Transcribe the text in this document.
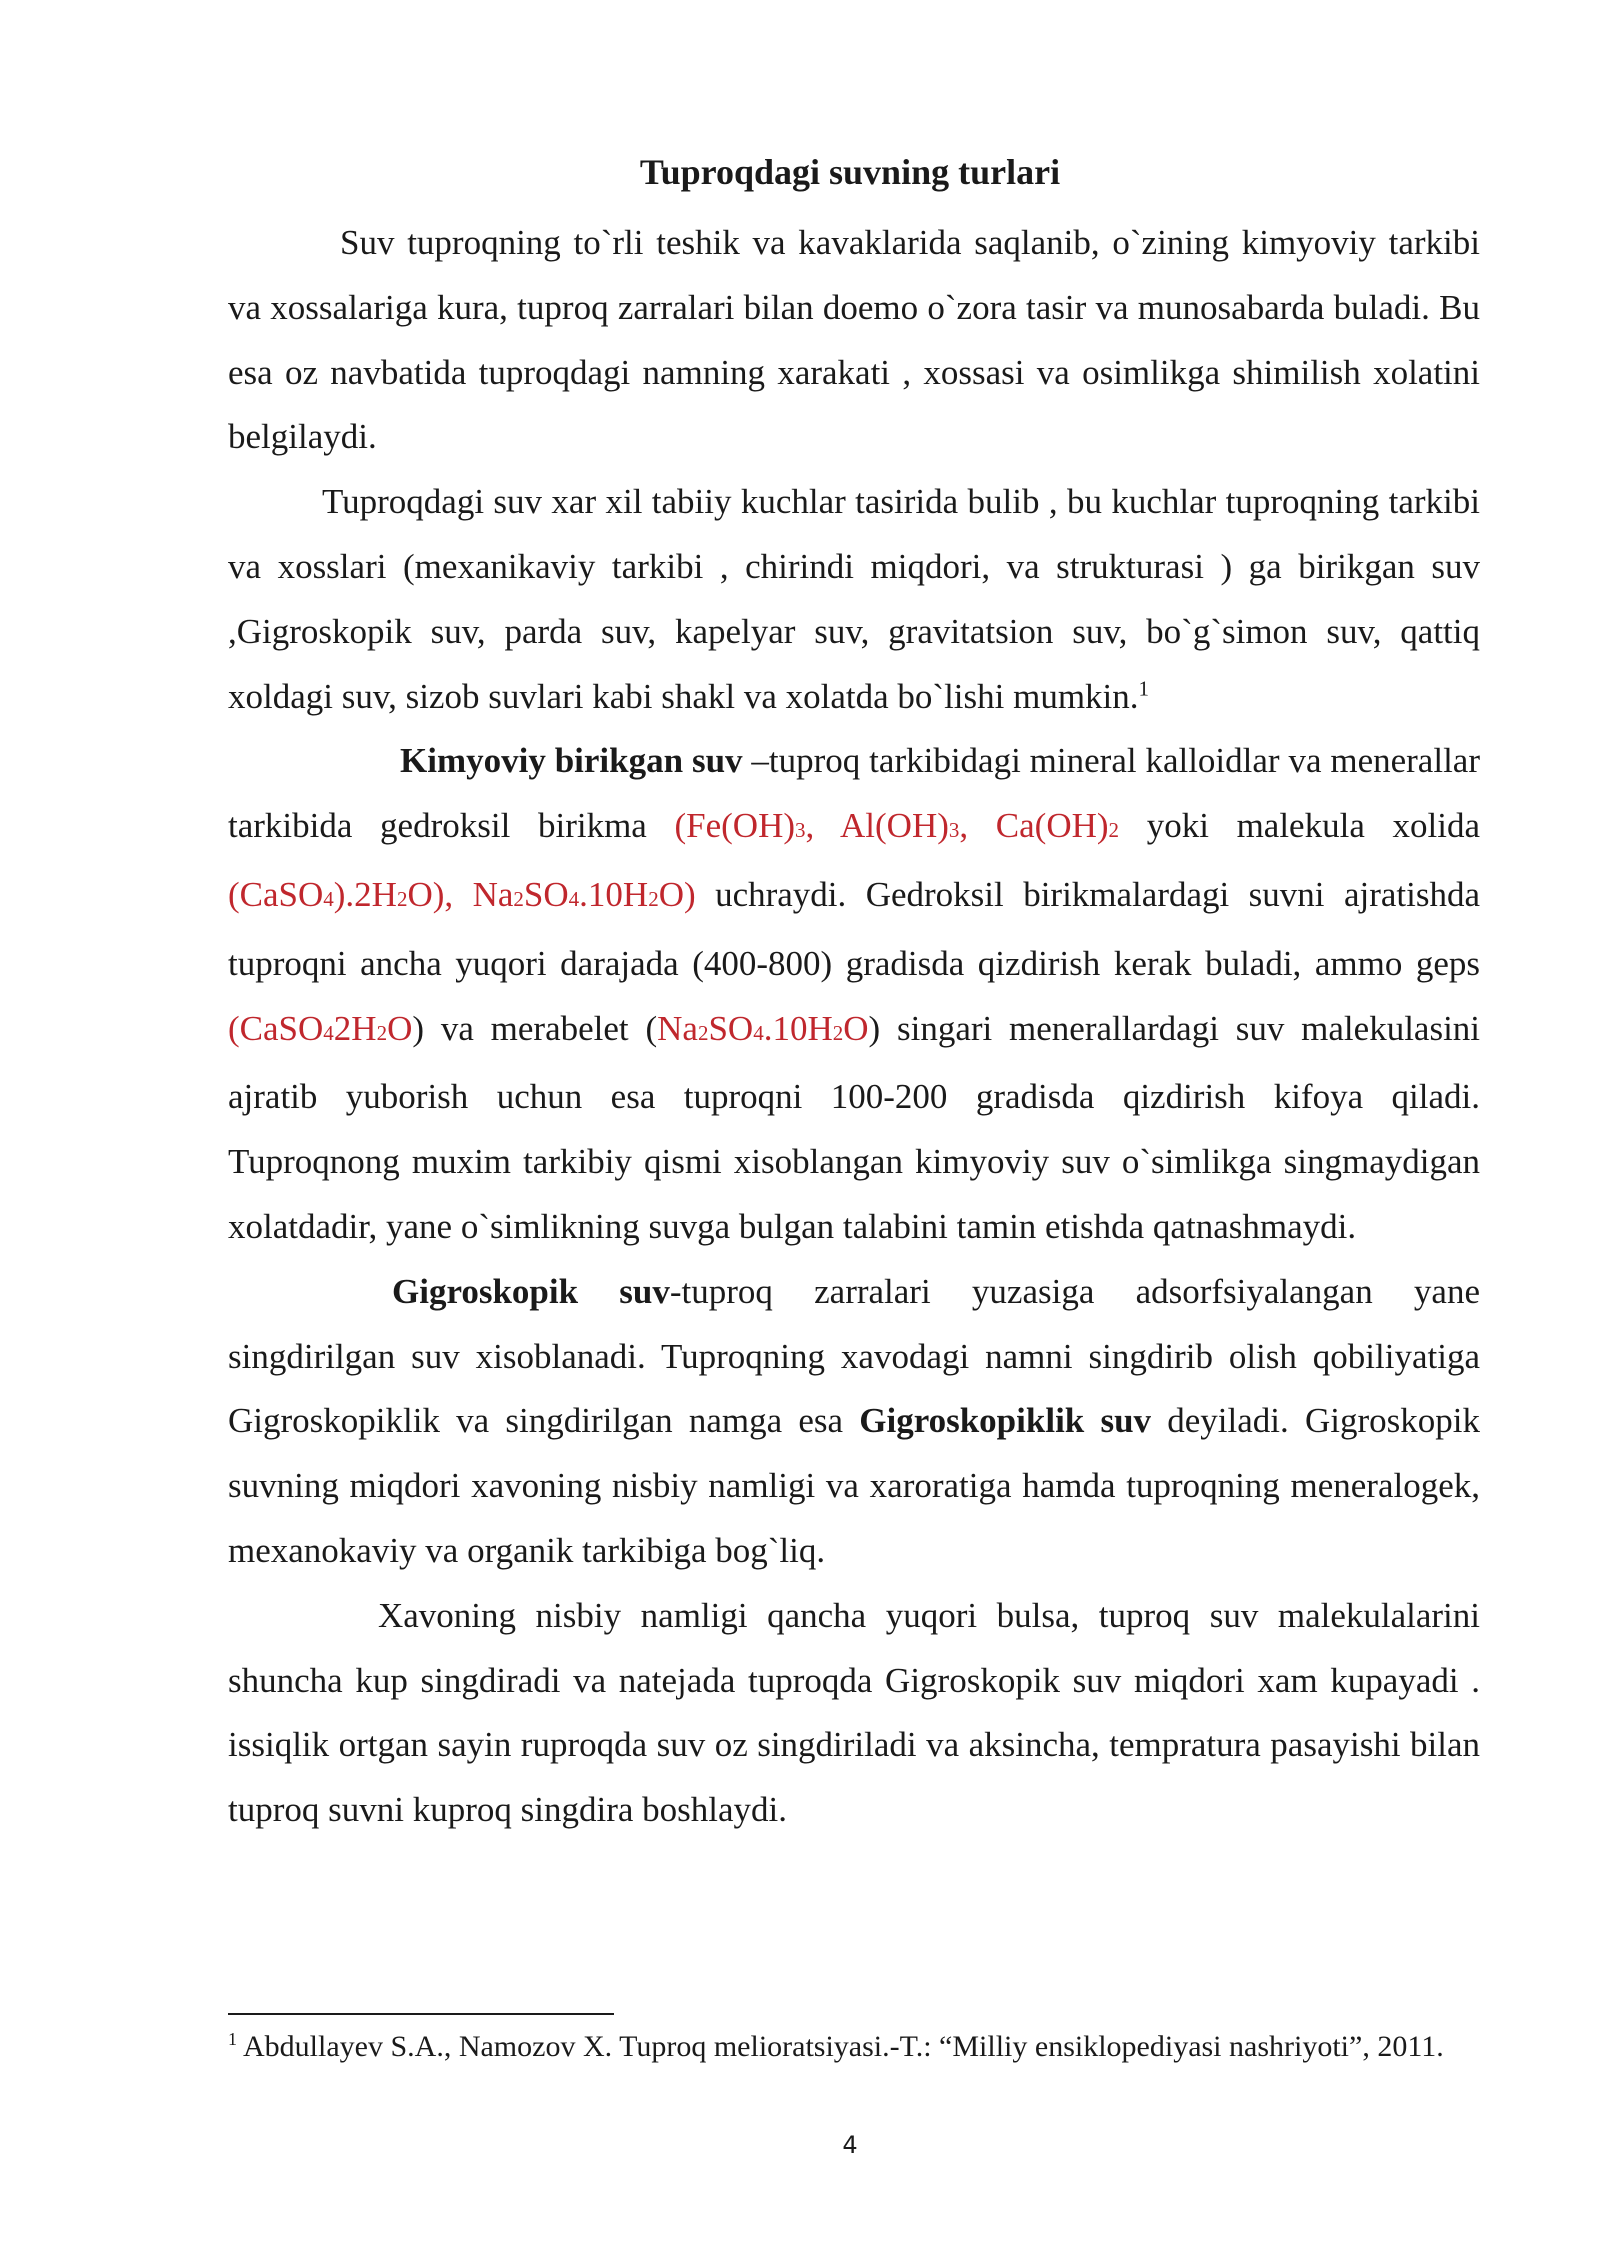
Tuproqdagi suvning turlari

Suv tuproqning to`rli teshik va kavaklarida saqlanib, o`zining kimyoviy tarkibi va xossalariga kura, tuproq zarralari bilan doemo o`zora tasir va munosabarda buladi. Bu esa oz navbatida tuproqdagi namning xarakati , xossasi va osimlikga shimilish xolatini belgilaydi.

Tuproqdagi suv xar xil tabiiy kuchlar tasirida bulib , bu kuchlar tuproqning tarkibi va xosslari (mexanikaviy tarkibi , chirindi miqdori, va strukturasi ) ga birikgan suv ,Gigroskopik suv, parda suv, kapelyar suv, gravitatsion suv, bo`g`simon suv, qattiq xoldagi suv, sizob suvlari kabi shakl va xolatda bo`lishi mumkin.$^1$

Kimyoviy birikgan suv –tuproq tarkibidagi mineral kalloidlar va menerallar tarkibida gedroksil birikma (Fe(OH)3, Al(OH)3, Ca(OH)2 yoki malekula xolida (CaSO4).2H2O), Na2SO4.10H2O) uchraydi. Gedroksil birikmalardagi suvni ajratishda tuproqni ancha yuqori darajada (400-800) gradisda qizdirish kerak buladi, ammo geps (CaSO42H2O) va merabelet (Na2SO4.10H2O) singari menerallardagi suv malekulasini ajratib yuborish uchun esa tuproqni 100-200 gradisda qizdirish kifoya qiladi. Tuproqnong muxim tarkibiy qismi xisoblangan kimyoviy suv o`simlikga singmaydigan xolatdadir, yane o`simlikning suvga bulgan talabini tamin etishda qatnashmaydi.

Gigroskopik suv-tuproq zarralari yuzasiga adsorfsiyalangan yane singdirilgan suv xisoblanadi. Tuproqning xavodagi namni singdirib olish qobiliyatiga Gigroskopiklik va singdirilgan namga esa Gigroskopiklik suv deyiladi. Gigroskopik suvning miqdori xavoning nisbiy namligi va xaroratiga hamda tuproqning meneralogek, mexanokaviy va organik tarkibiga bog`liq.

Xavoning nisbiy namligi qancha yuqori bulsa, tuproq suv malekulalarini shuncha kup singdiradi va natejada tuproqda Gigroskopik suv miqdori xam kupayadi . issiqlik ortgan sayin ruproqda suv oz singdiriladi va aksincha, tempratura pasayishi bilan tuproq suvni kuproq singdira boshlaydi.

$^1$ Abdullayev S.A., Namozov X. Tuproq melioratsiyasi.-T.: “Milliy ensiklopediyasi nashriyoti”, 2011.
4
